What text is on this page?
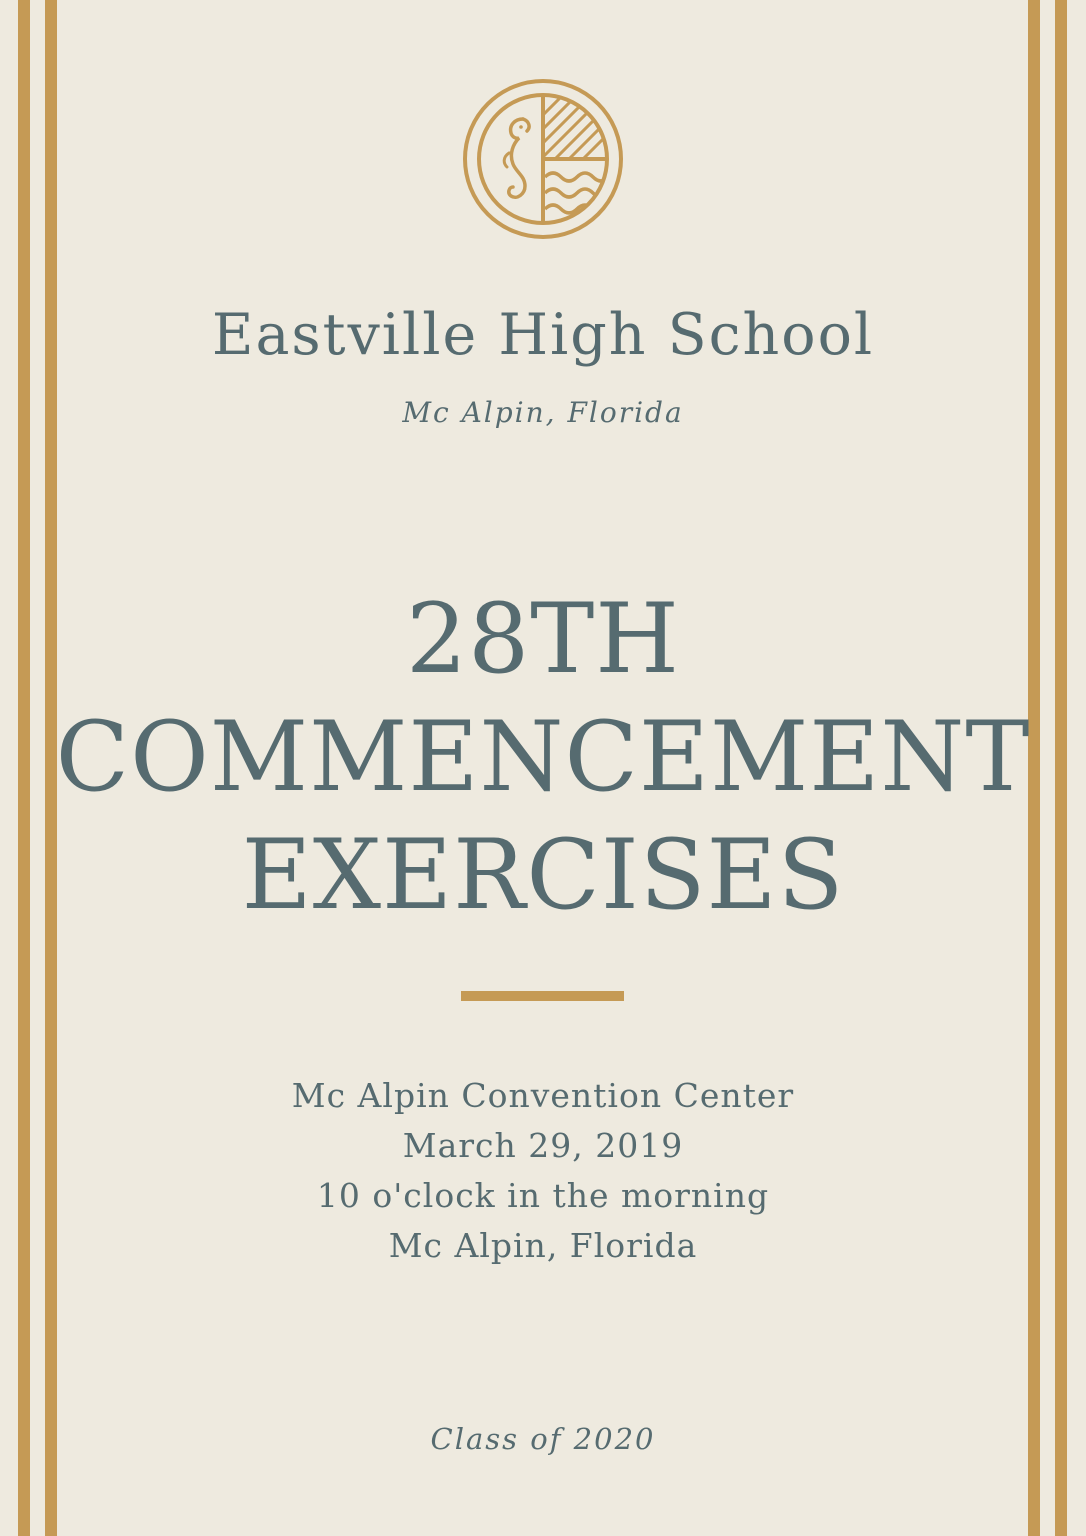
Eastville High School
Mc Alpin, Florida
28TH
COMMENCEMENT
EXERCISES
Mc Alpin Convention Center
March 29, 2019
10 o'clock in the morning
Mc Alpin, Florida
Class of 2020
